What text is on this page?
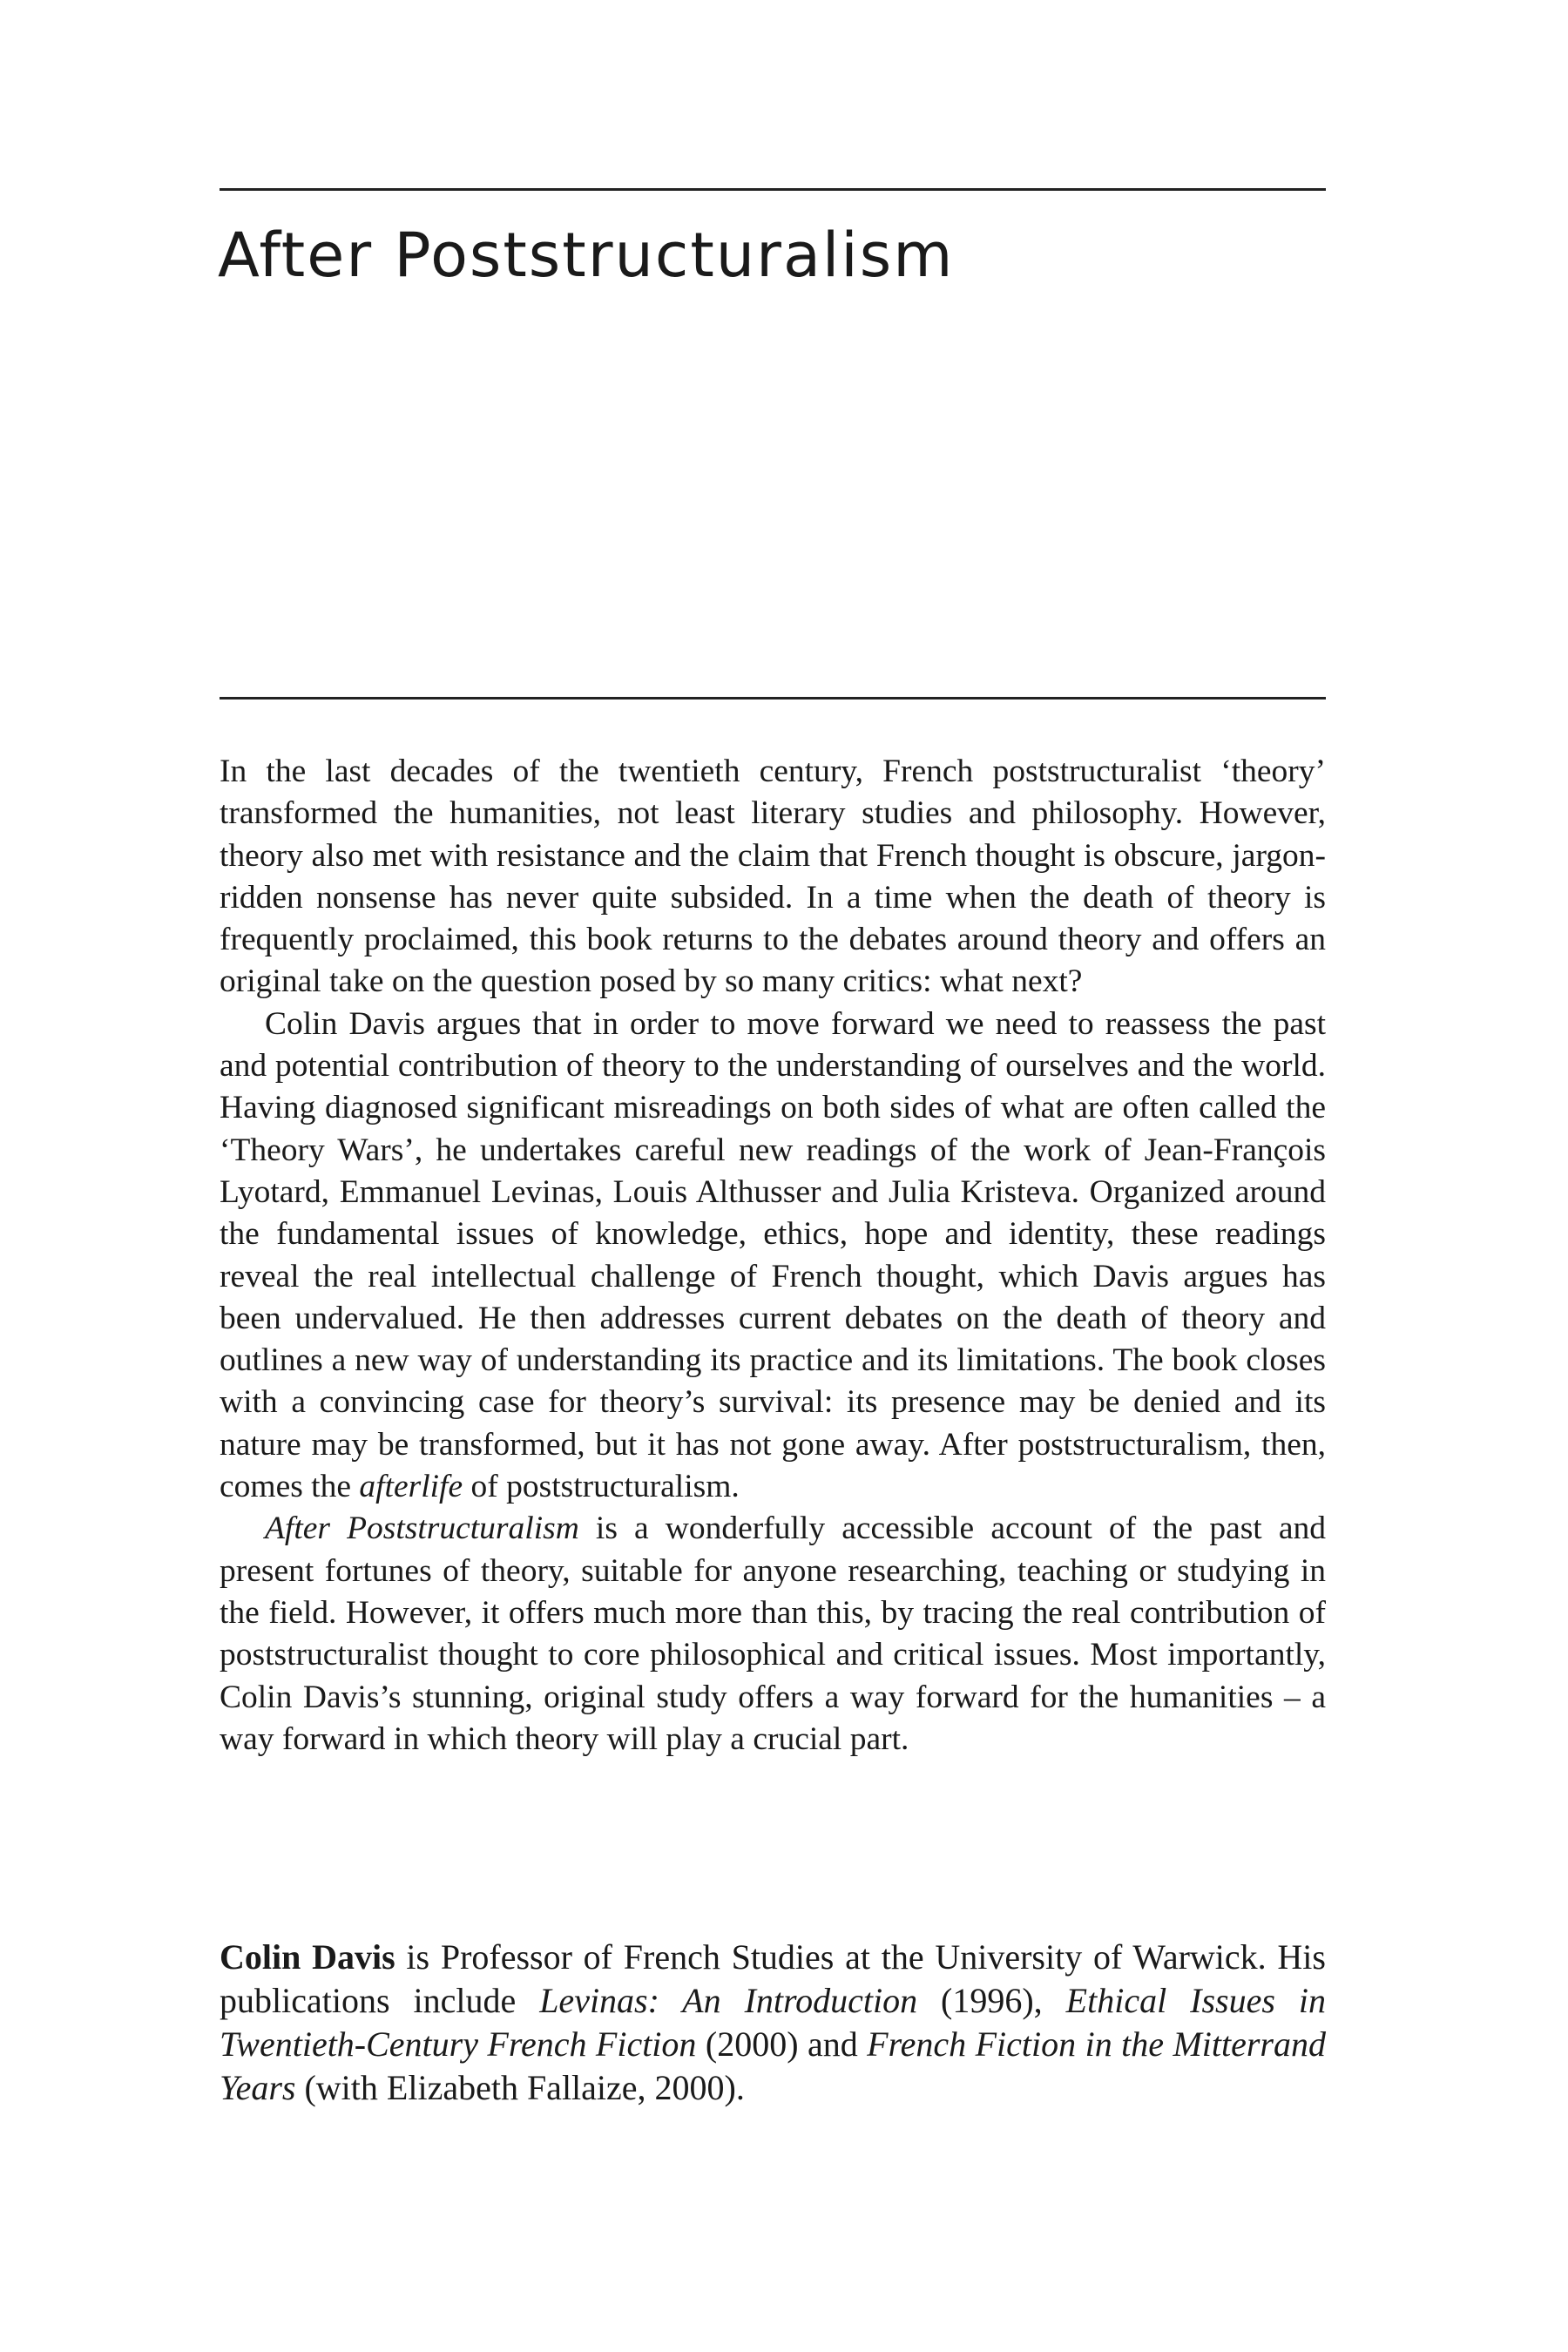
After Poststructuralism

In the last decades of the twentieth century, French poststructuralist ‘theory’ transformed the humanities, not least literary studies and philosophy. However, theory also met with resistance and the claim that French thought is obscure, jargon-ridden nonsense has never quite subsided. In a time when the death of theory is frequently proclaimed, this book returns to the debates around theory and offers an original take on the question posed by so many critics: what next?

Colin Davis argues that in order to move forward we need to reassess the past and potential contribution of theory to the understanding of ourselves and the world. Having diagnosed significant misreadings on both sides of what are often called the ‘Theory Wars’, he undertakes careful new readings of the work of Jean-François Lyotard, Emmanuel Levinas, Louis Althusser and Julia Kristeva. Organized around the fundamental issues of knowledge, ethics, hope and identity, these readings reveal the real intellectual challenge of French thought, which Davis argues has been undervalued. He then addresses current debates on the death of theory and outlines a new way of understanding its practice and its limitations. The book closes with a convincing case for theory’s survival: its presence may be denied and its nature may be transformed, but it has not gone away. After poststructuralism, then, comes the afterlife of poststructuralism.

After Poststructuralism is a wonderfully accessible account of the past and present fortunes of theory, suitable for anyone researching, teaching or studying in the field. However, it offers much more than this, by tracing the real contribution of poststructuralist thought to core philosophical and critical issues. Most importantly, Colin Davis’s stunning, original study offers a way forward for the humanities – a way forward in which theory will play a crucial part.

Colin Davis is Professor of French Studies at the University of Warwick. His publications include Levinas: An Introduction (1996), Ethical Issues in Twentieth-Century French Fiction (2000) and French Fiction in the Mitterrand Years (with Elizabeth Fallaize, 2000).
